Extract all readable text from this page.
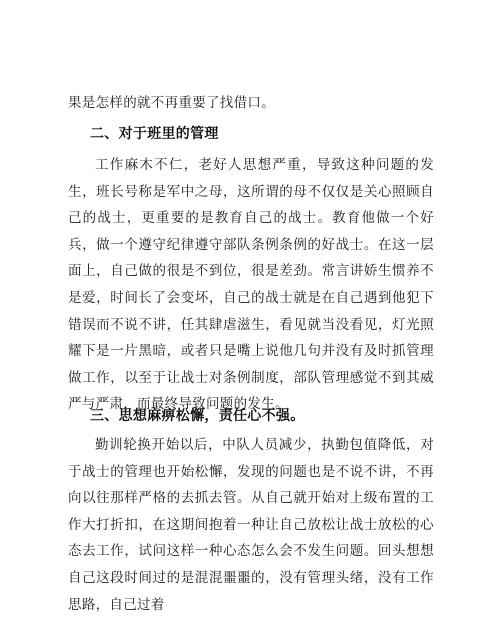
果是怎样的就不再重要了找借口。

二、对于班里的管理

工作麻木不仁，老好人思想严重，导致这种问题的发生，班长号称是军中之母，这所谓的母不仅仅是关心照顾自己的战士，更重要的是教育自己的战士。教育他做一个好兵，做一个遵守纪律遵守部队条例条例的好战士。在这一层面上，自己做的很是不到位，很是差劲。常言讲娇生惯养不是爱，时间长了会变坏，自己的战士就是在自己遇到他犯下错误而不说不讲，任其肆虐滋生，看见就当没看见，灯光照耀下是一片黑暗，或者只是嘴上说他几句并没有及时抓管理做工作，以至于让战士对条例制度，部队管理感觉不到其威严与严肃，而最终导致问题的发生。

三、思想麻痹松懈，责任心不强。

勤训轮换开始以后，中队人员减少，执勤包值降低，对于战士的管理也开始松懈，发现的问题也是不说不讲，不再向以往那样严格的去抓去管。从自己就开始对上级布置的工作大打折扣，在这期间抱着一种让自己放松让战士放松的心态去工作，试问这样一种心态怎么会不发生问题。回头想想自己这段时间过的是混混噩噩的，没有管理头绪，没有工作思路，自己过着
